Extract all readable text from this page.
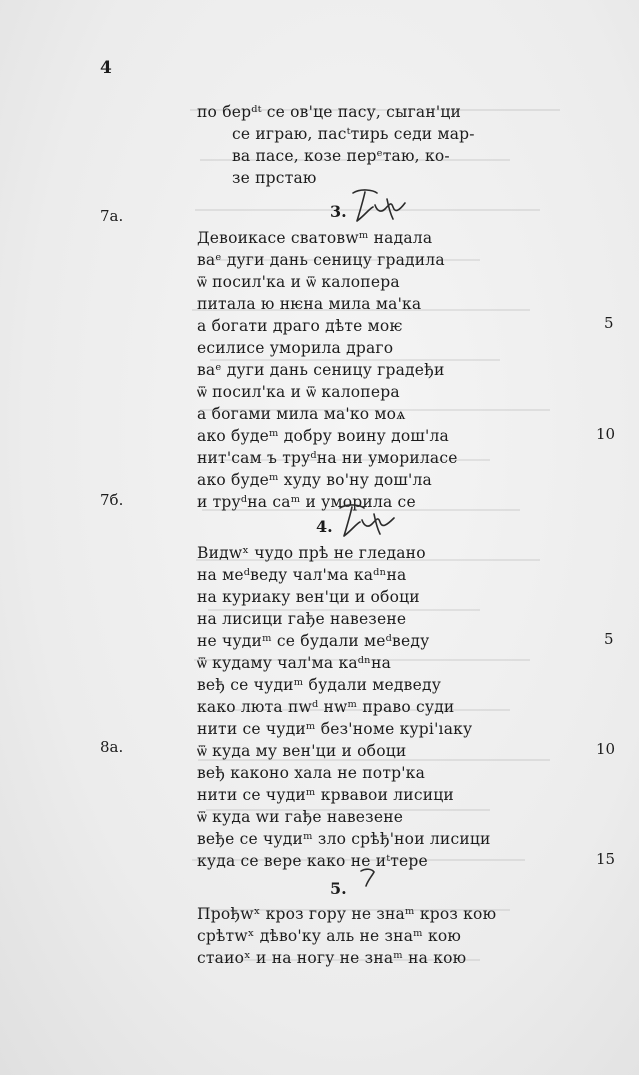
4
по берᵈᵗ се ов'це пасу, сыган'ци
се играю, пасᵗтирь седи мар-
ва пасе, козе перᵉтаю, ко-
зе прстаю
7а.	3.
Девоикасе сватовwᵐ надала
ваᵉ дуги дань сеницу градила
ѿ посил'ка и ѿ калопера
питала ю нѥна мила ма'ка
а богати драго дѣте моѥ
есилисе уморила драго
ваᵉ дуги дань сеницу градеђи
ѿ посил'ка и ѿ калопера
а богами мила ма'ко моѧ
ако будеᵐ добру воину дош'ла
нит'сам ъ труᵈна ни умориласе
ако будеᵐ худу во'ну дош'ла
и труᵈна саᵐ и уморила се
5
10
7б.
4.
Видwˣ чудо прѣ не гледано
на меᵈведу чал'ма каᵈⁿна
на куриаку вен'ци и обоци
на лисици гађе навезене
не чудиᵐ се будали меᵈведу
ѿ кудаму чал'ма каᵈⁿна
веђ се чудиᵐ будали медведу
како люта пwᵈ нwᵐ право суди
нити се чудиᵐ без'номе курі'ıаку
ѿ куда му вен'ци и обоци
веђ каконо хала не потр'ка
нити се чудиᵐ крвавои лисици
ѿ куда wи гађе навезене
веђе се чудиᵐ зло срѣђ'нои лисици
куда се вере како не иᵗтере
8а.
5
10
15
5.
Прођwˣ кроз гору не знаᵐ кроз кою
срѣтwˣ дѣво'ку аль не знаᵐ кою
стаиоˣ и на ногу не знаᵐ на кою
